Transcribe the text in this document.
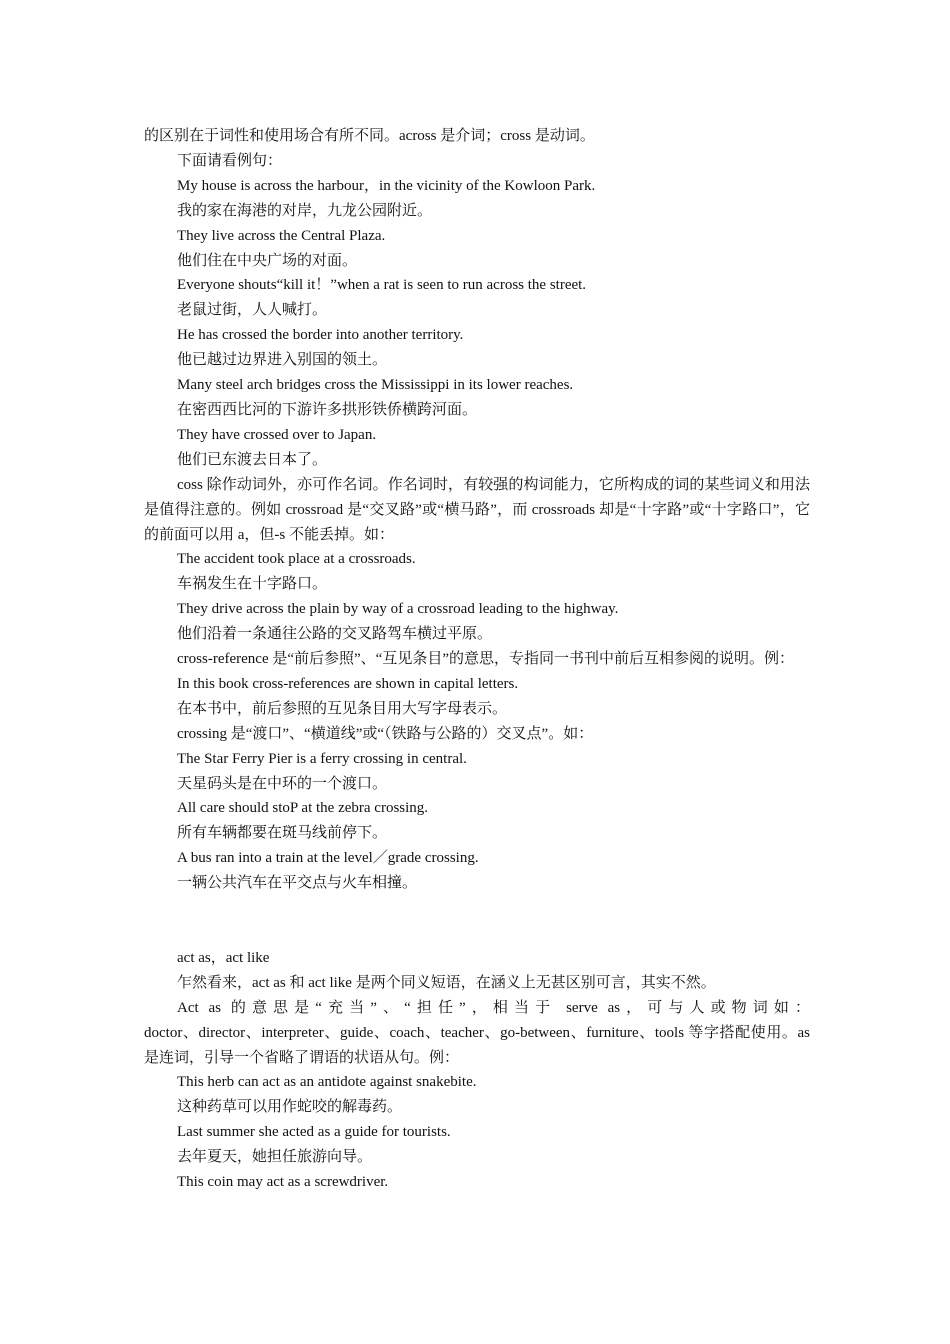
的区别在于词性和使用场合有所不同。across 是介词；cross 是动词。

下面请看例句：

My house is across the harbour，in the vicinity of the Kowloon Park.

我的家在海港的对岸，九龙公园附近。

They live across the Central Plaza.

他们住在中央广场的对面。

Everyone shouts“kill it！”when a rat is seen to run across the street.

老鼠过街，人人喊打。

He has crossed the border into another territory.

他已越过边界进入别国的领土。

Many steel arch bridges cross the Mississippi in its lower reaches.

在密西西比河的下游许多拱形铁侨横跨河面。

They have crossed over to Japan.

他们已东渡去日本了。

coss 除作动词外，亦可作名词。作名词时，有较强的构词能力，它所构成的词的某些词义和用法是值得注意的。例如 crossroad 是“交叉路”或“横马路”，而 crossroads 却是“十字路”或“十字路口”，它的前面可以用 a，但-s 不能丢掉。如：

The accident took place at a crossroads.

车祸发生在十字路口。

They drive across the plain by way of a crossroad leading to the highway.

他们沿着一条通往公路的交叉路驾车横过平原。

cross-reference 是“前后参照”、“互见条目”的意思，专指同一书刊中前后互相参阅的说明。例：

In this book cross-references are shown in capital letters.

在本书中，前后参照的互见条目用大写字母表示。

crossing 是“渡口”、“横道线”或“（铁路与公路的）交叉点”。如：

The Star Ferry Pier is a ferry crossing in central.

天星码头是在中环的一个渡口。

All care should stoP at the zebra crossing.

所有车辆都要在斑马线前停下。

A bus ran into a train at the level／grade crossing.

一辆公共汽车在平交点与火车相撞。

act as，act like

乍然看来，act as 和 act like 是两个同义短语，在涵义上无甚区别可言，其实不然。

Act as 的意思是“充当”、“担任”，相当于 serve as，可与人或物词如：

doctor、director、interpreter、guide、coach、teacher、go-between、furniture、tools 等字搭配使用。as 是连词，引导一个省略了谓语的状语从句。例：

This herb can act as an antidote against snakebite.

这种药草可以用作蛇咬的解毒药。

Last summer she acted as a guide for tourists.

去年夏天，她担任旅游向导。

This coin may act as a screwdriver.
